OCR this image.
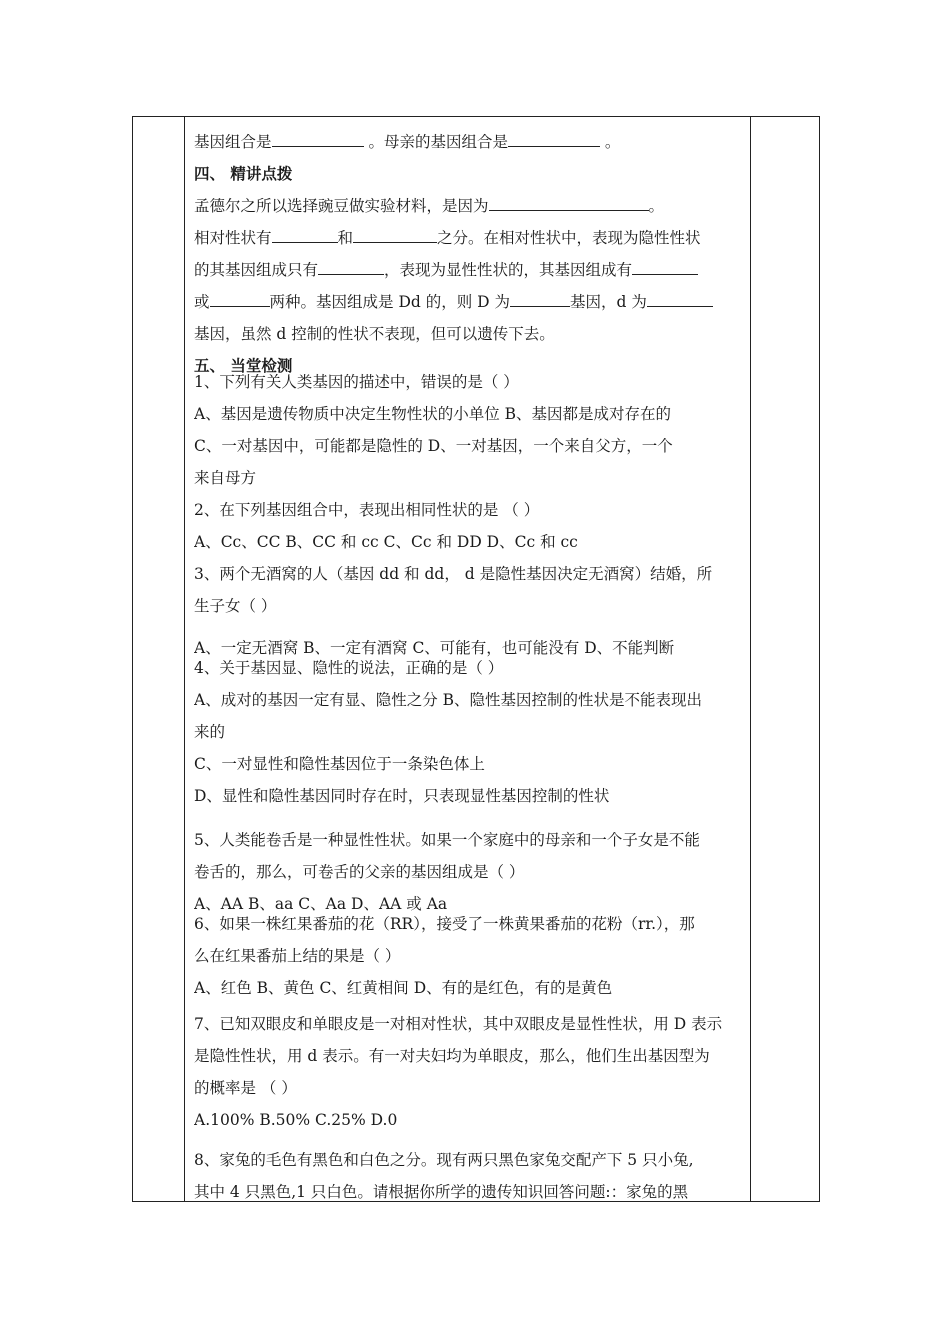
基因组合是	。母亲的基因组合是	。
四、 精讲点拨
孟德尔之所以选择豌豆做实验材料，是因为	。
相对性状有	和	之分。在相对性状中，表现为隐性性状
的其基因组成只有	，表现为显性性状的，其基因组成有
或	两种。基因组成是 Dd 的，则 D 为	基因，d 为
基因，虽然 d 控制的性状不表现，但可以遗传下去。
五、 当堂检测
1、下列有关人类基因的描述中，错误的是（ ）
A、基因是遗传物质中决定生物性状的小单位 B、基因都是成对存在的
C、一对基因中，可能都是隐性的 D、一对基因，一个来自父方，一个
来自母方
2、在下列基因组合中，表现出相同性状的是 （ ）
A、Cc、CC B、CC 和 cc C、Cc 和 DD D、Cc 和 cc
3、两个无酒窝的人（基因 dd 和 dd， d 是隐性基因决定无酒窝）结婚，所
生子女（ ）
A、一定无酒窝 B、一定有酒窝 C、可能有，也可能没有 D、不能判断
4、关于基因显、隐性的说法，正确的是（ ）
A、成对的基因一定有显、隐性之分 B、隐性基因控制的性状是不能表现出
来的
C、一对显性和隐性基因位于一条染色体上
D、显性和隐性基因同时存在时，只表现显性基因控制的性状
5、人类能卷舌是一种显性性状。如果一个家庭中的母亲和一个子女是不能
卷舌的，那么，可卷舌的父亲的基因组成是（ ）
A、AA B、aa C、Aa D、AA 或 Aa
6、如果一株红果番茄的花（RR），接受了一株黄果番茄的花粉（rr.），那
么在红果番茄上结的果是（ ）
A、红色 B、黄色 C、红黄相间 D、有的是红色，有的是黄色
7、已知双眼皮和单眼皮是一对相对性状，其中双眼皮是显性性状，用 D 表示
是隐性性状，用 d 表示。有一对夫妇均为单眼皮，那么，他们生出基因型为
的概率是 （ ）
A.100% B.50% C.25% D.0
8、家兔的毛色有黑色和白色之分。现有两只黑色家兔交配产下 5 只小兔,
其中 4 只黑色,1 只白色。请根据你所学的遗传知识回答问题:：家兔的黑
